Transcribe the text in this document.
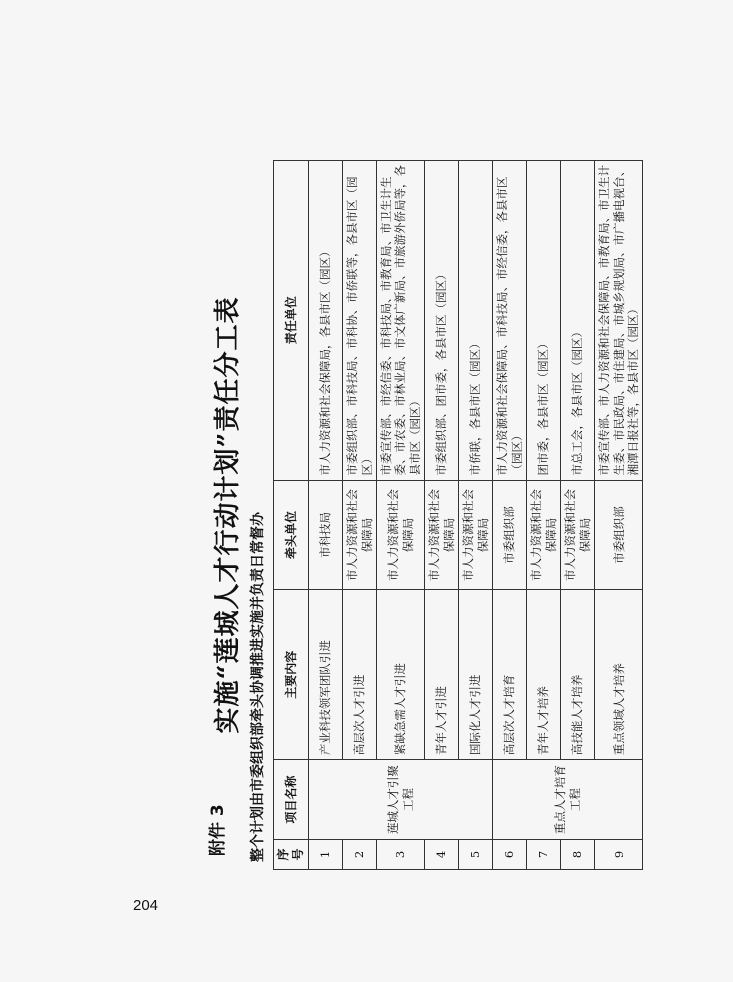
附件 3
实施“莲城人才行动计划”责任分工表 整个计划由市委组织部牵头协调推进实施并负责日常督办 序号	项目名称	主要内容	牵头单位	责任单位
1	莲城人才引聚工程	产业科技领军团队引进	市科技局	市人力资源和社会保障局，各县市区（园区）
2		高层次人才引进	市人力资源和社会保障局	市委组织部、市科技局、市科协、市侨联等，各县市区（园区）
3		紧缺急需人才引进	市人力资源和社会保障局	市委宣传部、市经信委、市科技局、市教育局、市卫生计生委、市农委、市林业局、市文体广新局、市旅游外侨局等，各县市区（园区）
4		青年人才引进	市人力资源和社会保障局	市委组织部、团市委，各县市区（园区）
5		国际化人才引进	市人力资源和社会保障局	市侨联，各县市区（园区）
6	重点人才培育工程	高层次人才培育	市委组织部	市人力资源和社会保障局、市科技局、市经信委，各县市区（园区）
7		青年人才培养	市人力资源和社会保障局	团市委，各县市区（园区）
8		高技能人才培养	市人力资源和社会保障局	市总工会，各县市区（园区）
9		重点领域人才培养	市委组织部	市委宣传部、市人力资源和社会保障局、市教育局、市卫生计生委、市民政局、市住建局、市城乡规划局、市广播电视台、湘潭日报社等，各县市区（园区）
204
